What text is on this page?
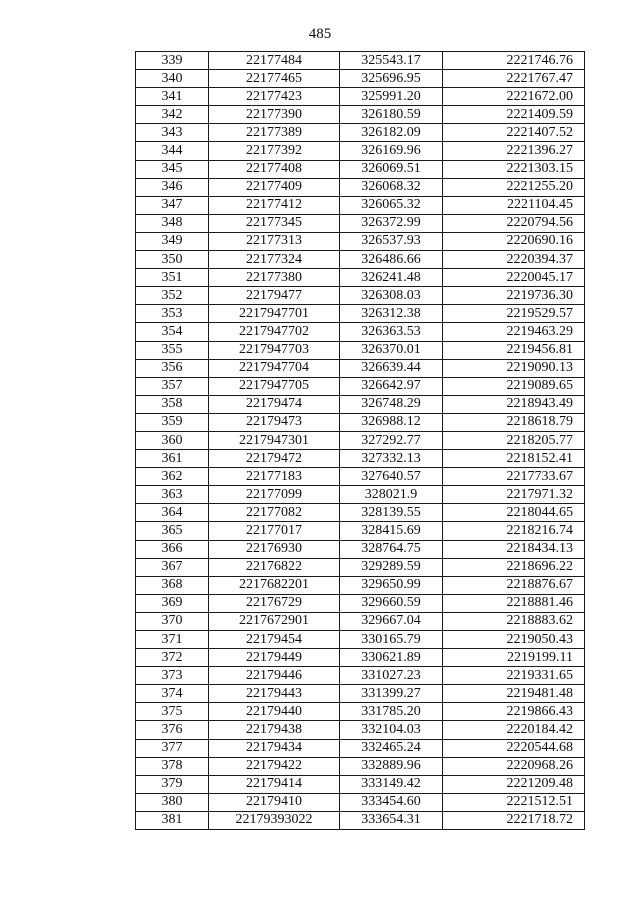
485
339	22177484	325543.17	2221746.76
340	22177465	325696.95	2221767.47
341	22177423	325991.20	2221672.00
342	22177390	326180.59	2221409.59
343	22177389	326182.09	2221407.52
344	22177392	326169.96	2221396.27
345	22177408	326069.51	2221303.15
346	22177409	326068.32	2221255.20
347	22177412	326065.32	2221104.45
348	22177345	326372.99	2220794.56
349	22177313	326537.93	2220690.16
350	22177324	326486.66	2220394.37
351	22177380	326241.48	2220045.17
352	22179477	326308.03	2219736.30
353	2217947701	326312.38	2219529.57
354	2217947702	326363.53	2219463.29
355	2217947703	326370.01	2219456.81
356	2217947704	326639.44	2219090.13
357	2217947705	326642.97	2219089.65
358	22179474	326748.29	2218943.49
359	22179473	326988.12	2218618.79
360	2217947301	327292.77	2218205.77
361	22179472	327332.13	2218152.41
362	22177183	327640.57	2217733.67
363	22177099	328021.9	2217971.32
364	22177082	328139.55	2218044.65
365	22177017	328415.69	2218216.74
366	22176930	328764.75	2218434.13
367	22176822	329289.59	2218696.22
368	2217682201	329650.99	2218876.67
369	22176729	329660.59	2218881.46
370	2217672901	329667.04	2218883.62
371	22179454	330165.79	2219050.43
372	22179449	330621.89	2219199.11
373	22179446	331027.23	2219331.65
374	22179443	331399.27	2219481.48
375	22179440	331785.20	2219866.43
376	22179438	332104.03	2220184.42
377	22179434	332465.24	2220544.68
378	22179422	332889.96	2220968.26
379	22179414	333149.42	2221209.48
380	22179410	333454.60	2221512.51
381	22179393022	333654.31	2221718.72
